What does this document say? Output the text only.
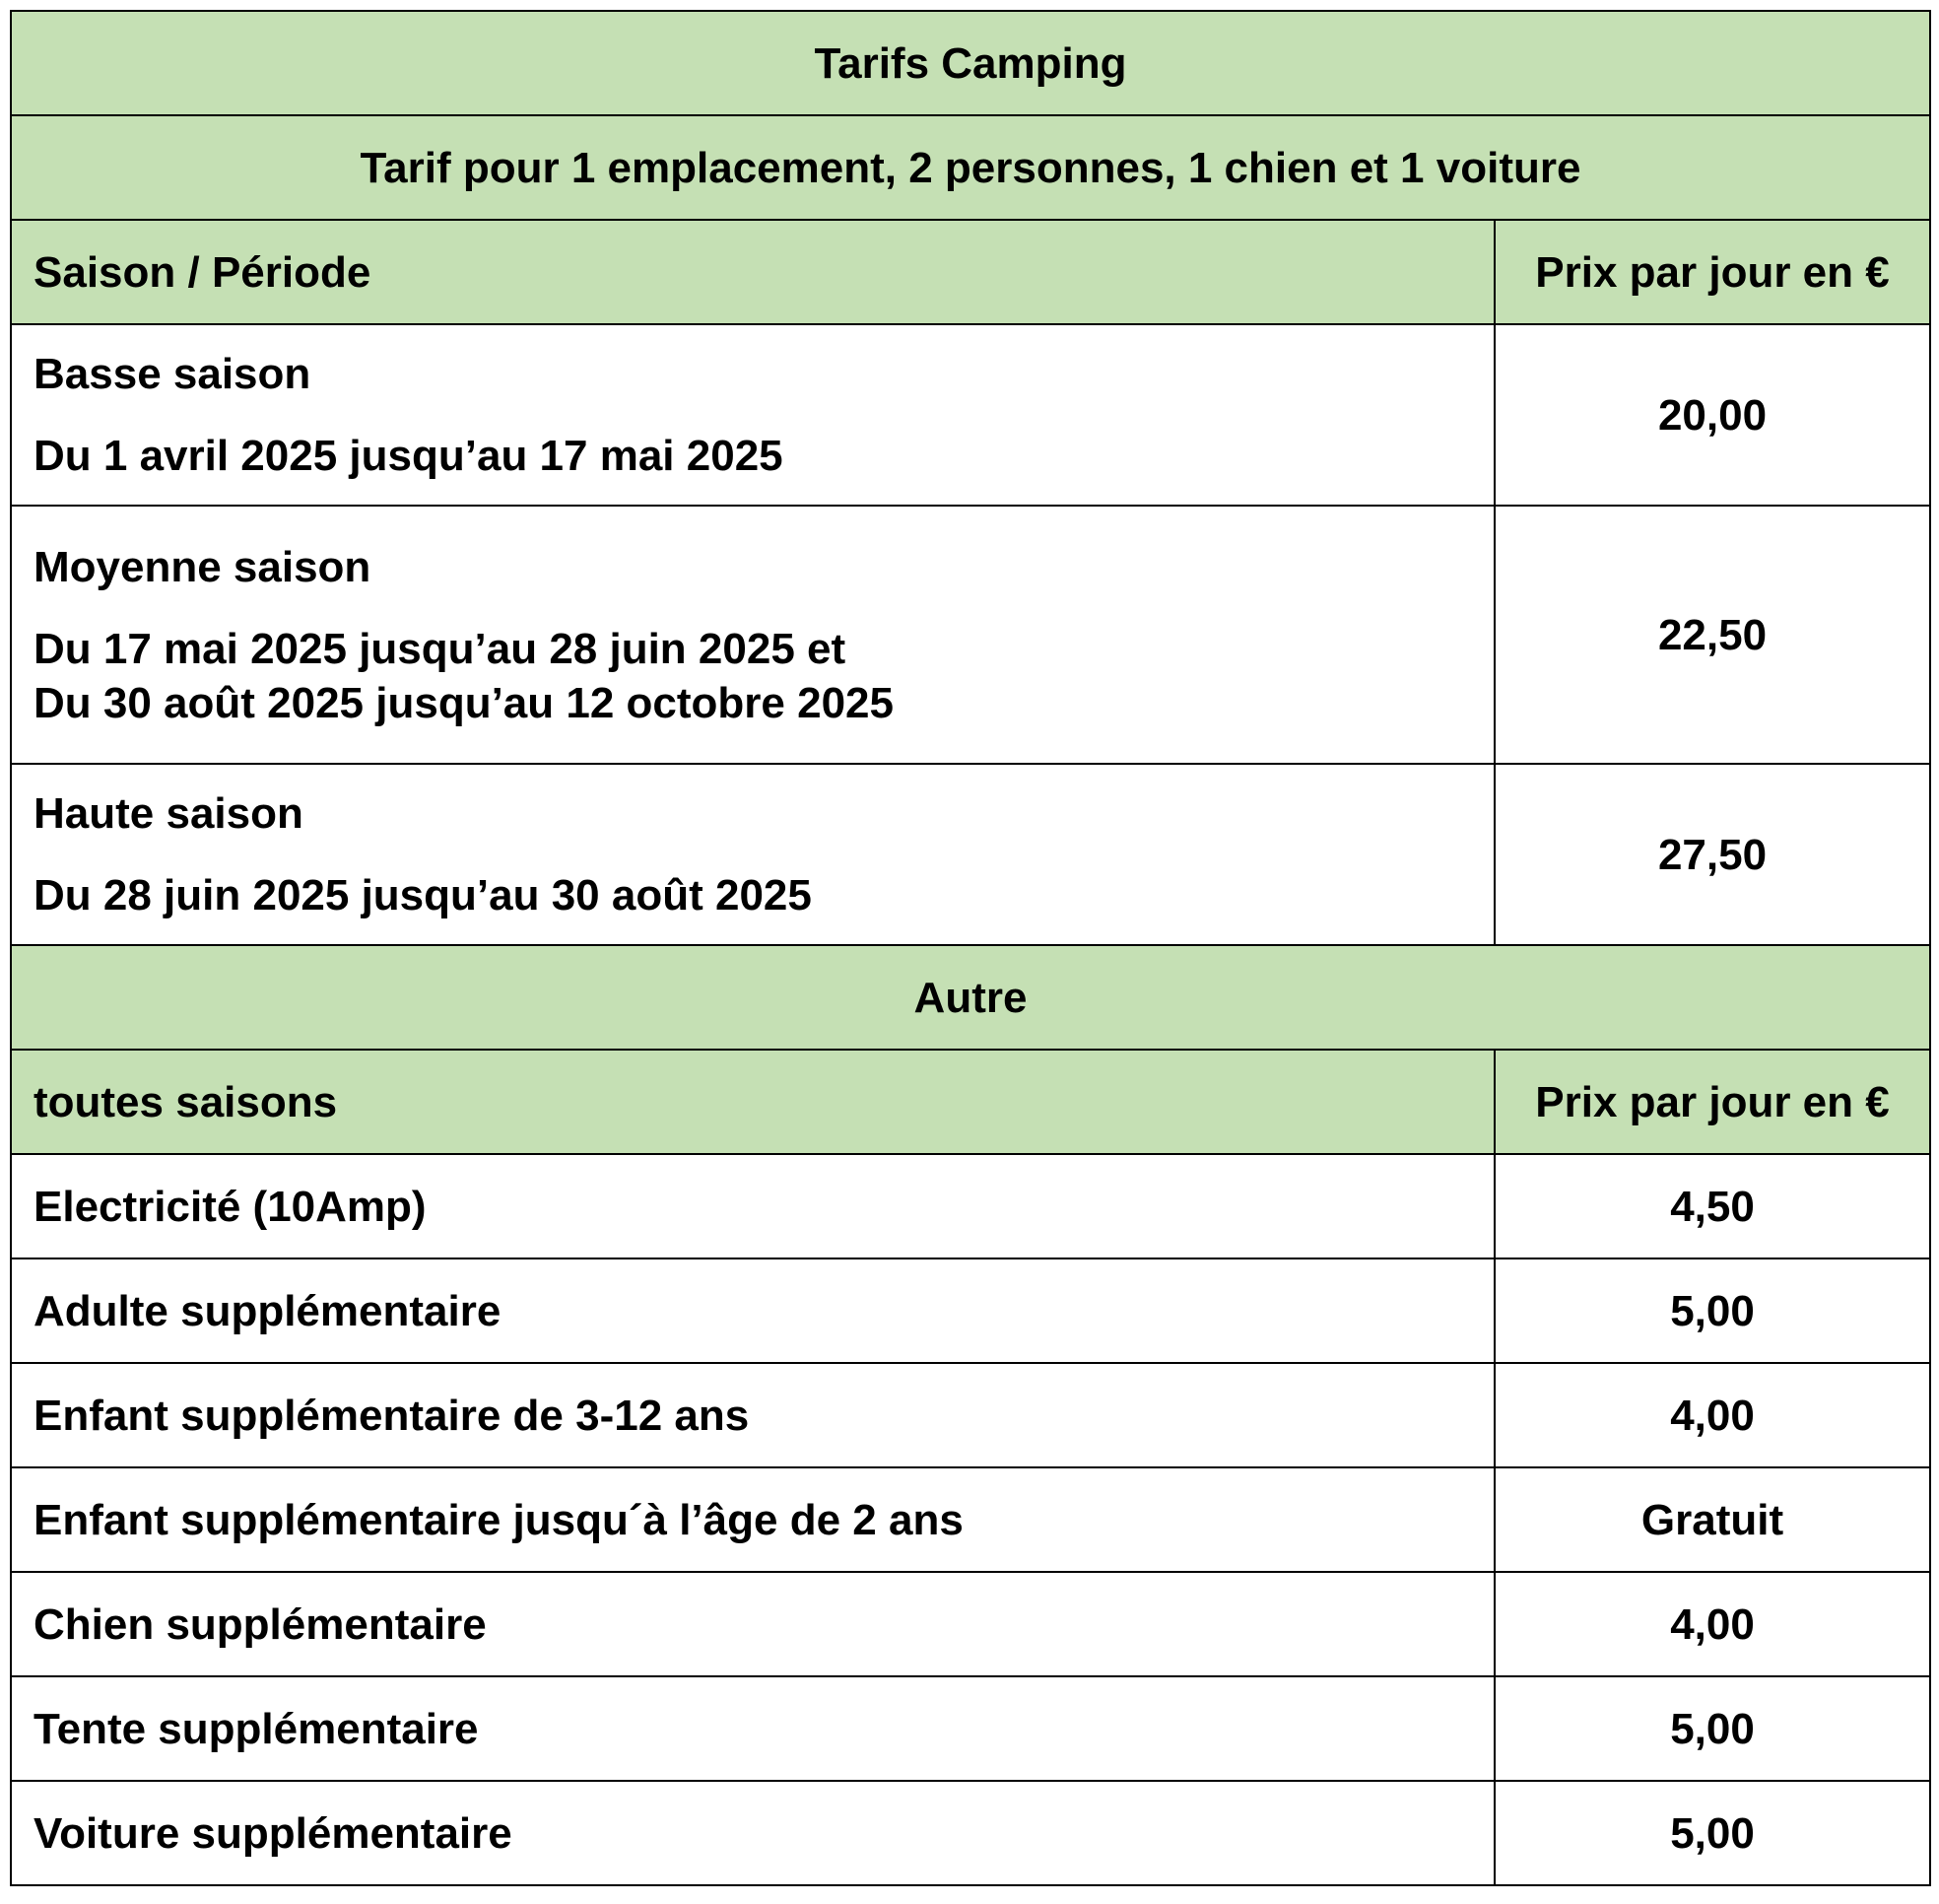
Tarifs Camping	
Tarif pour 1 emplacement, 2 personnes, 1 chien et 1 voiture	
Saison / Période	Prix par jour en €

Basse saison
Du 1 avril 2025 jusqu’au 17 mai 2025	20,00

Moyenne saison
Du 17 mai 2025 jusqu’au 28 juin 2025 et
Du 30 août 2025 jusqu’au 12 octobre 2025	22,50

Haute saison
Du 28 juin 2025 jusqu’au 30 août 2025	27,50
Autre	
toutes saisons	Prix par jour en €
Electricité (10Amp)	4,50
Adulte supplémentaire	5,00
Enfant supplémentaire de 3-12 ans	4,00
Enfant supplémentaire jusqu´à l’âge de 2 ans	Gratuit
Chien supplémentaire	4,00
Tente supplémentaire	5,00
Voiture supplémentaire	5,00
